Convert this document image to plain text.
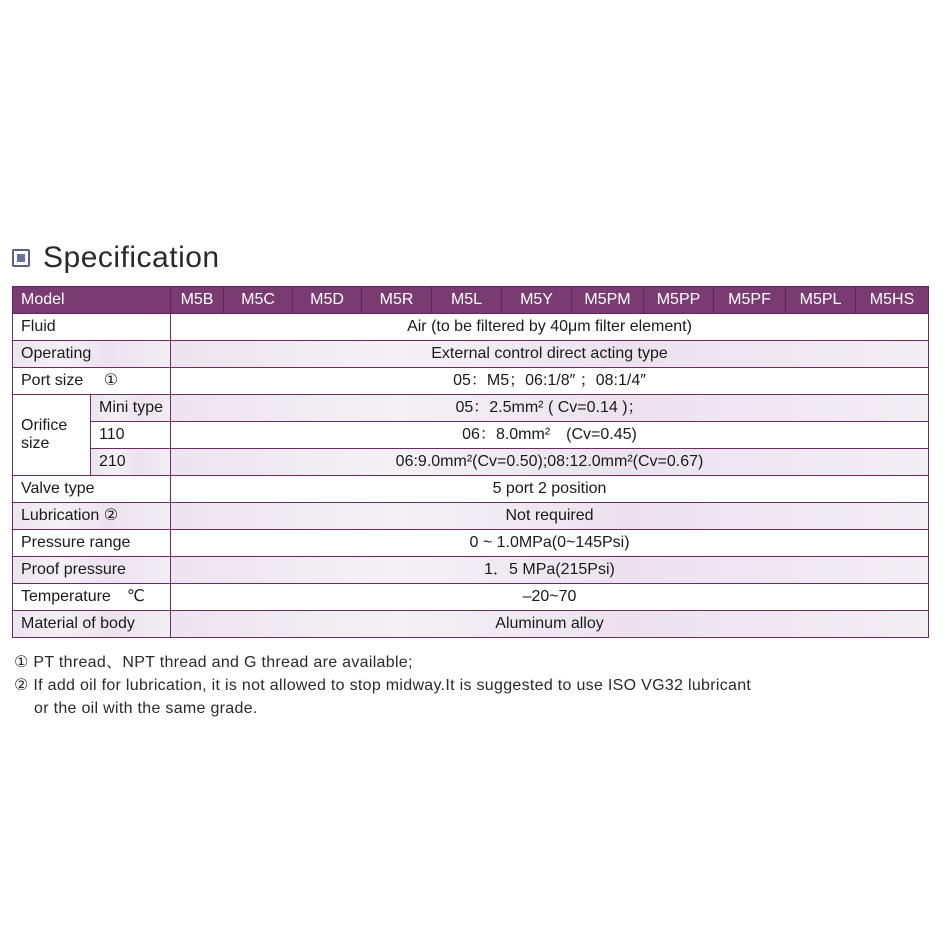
Specification
Model		M5B	M5C	M5D	M5R	M5L	M5Y	M5PM	M5PP	M5PF	M5PL	M5HS
Fluid		Air (to be filtered by 40μm filter element)										
Operating		External control direct acting type										
Port size　 ①		05：M5；06:1/8″ ；08:1/4″										
Orifice size	Mini type	05：2.5mm² ( Cv=0.14 )；										
	110	06：8.0mm²　(Cv=0.45)										
	210	06:9.0mm²(Cv=0.50);08:12.0mm²(Cv=0.67)										
Valve type		5 port 2 position										
Lubrication ②		Not required										
Pressure range		0 ~ 1.0MPa(0~145Psi)										
Proof pressure		1．5 MPa(215Psi)										
Temperature　℃		–20~70										
Material of body		Aluminum alloy										
① PT thread、NPT thread and G thread are available;
② If add oil for lubrication, it is not allowed to stop midway.It is suggested to use ISO VG32 lubricant
or the oil with the same grade.
